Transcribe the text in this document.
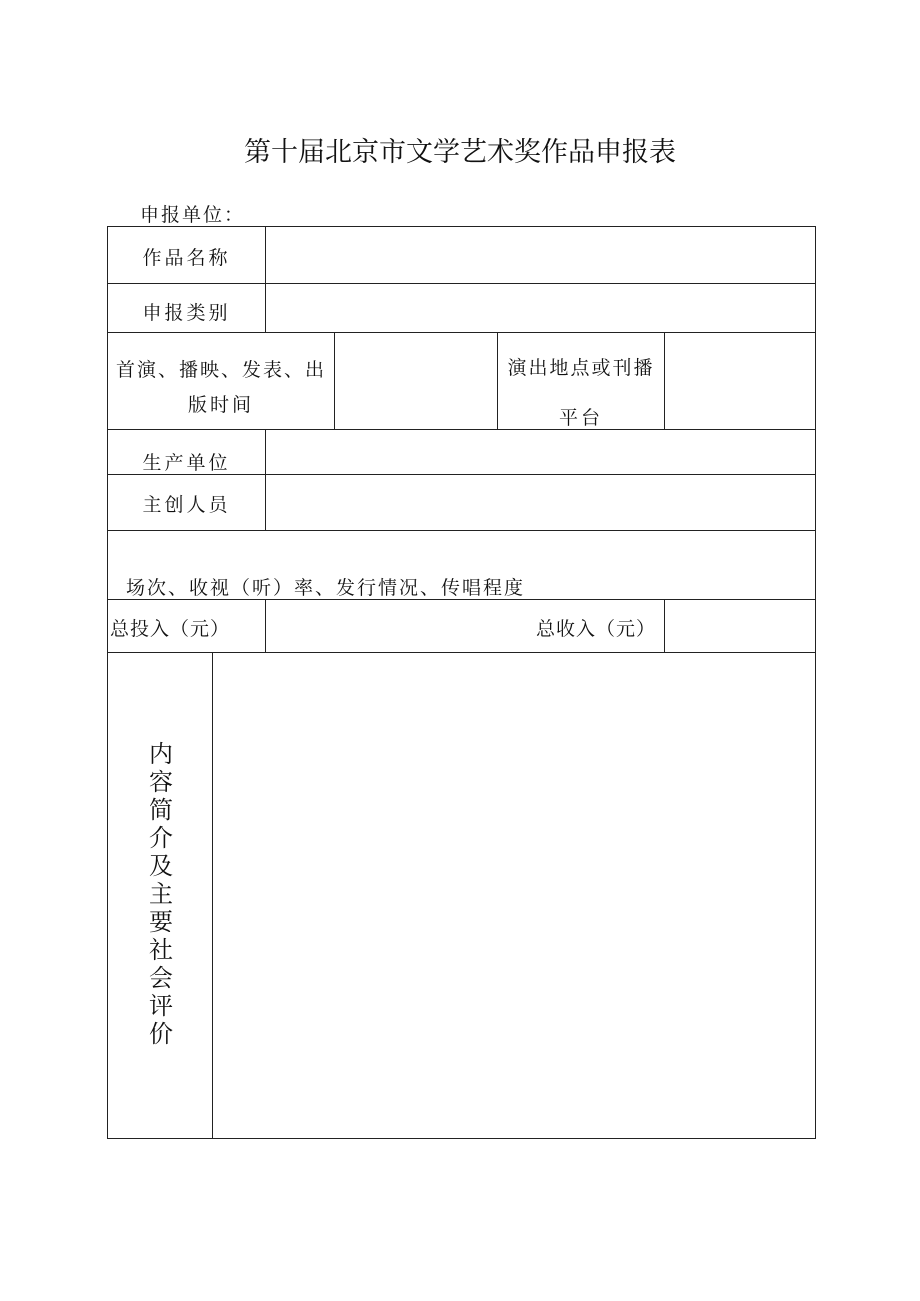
第十届北京市文学艺术奖作品申报表
申报单位：
作品名称
申报类别
首演、播映、发表、出
版时间
演出地点或刊播
平台
生产单位
主创人员
场次、收视（听）率、发行情况、传唱程度
总投入（元）	总收入（元）
内容简介及主要社会评价
